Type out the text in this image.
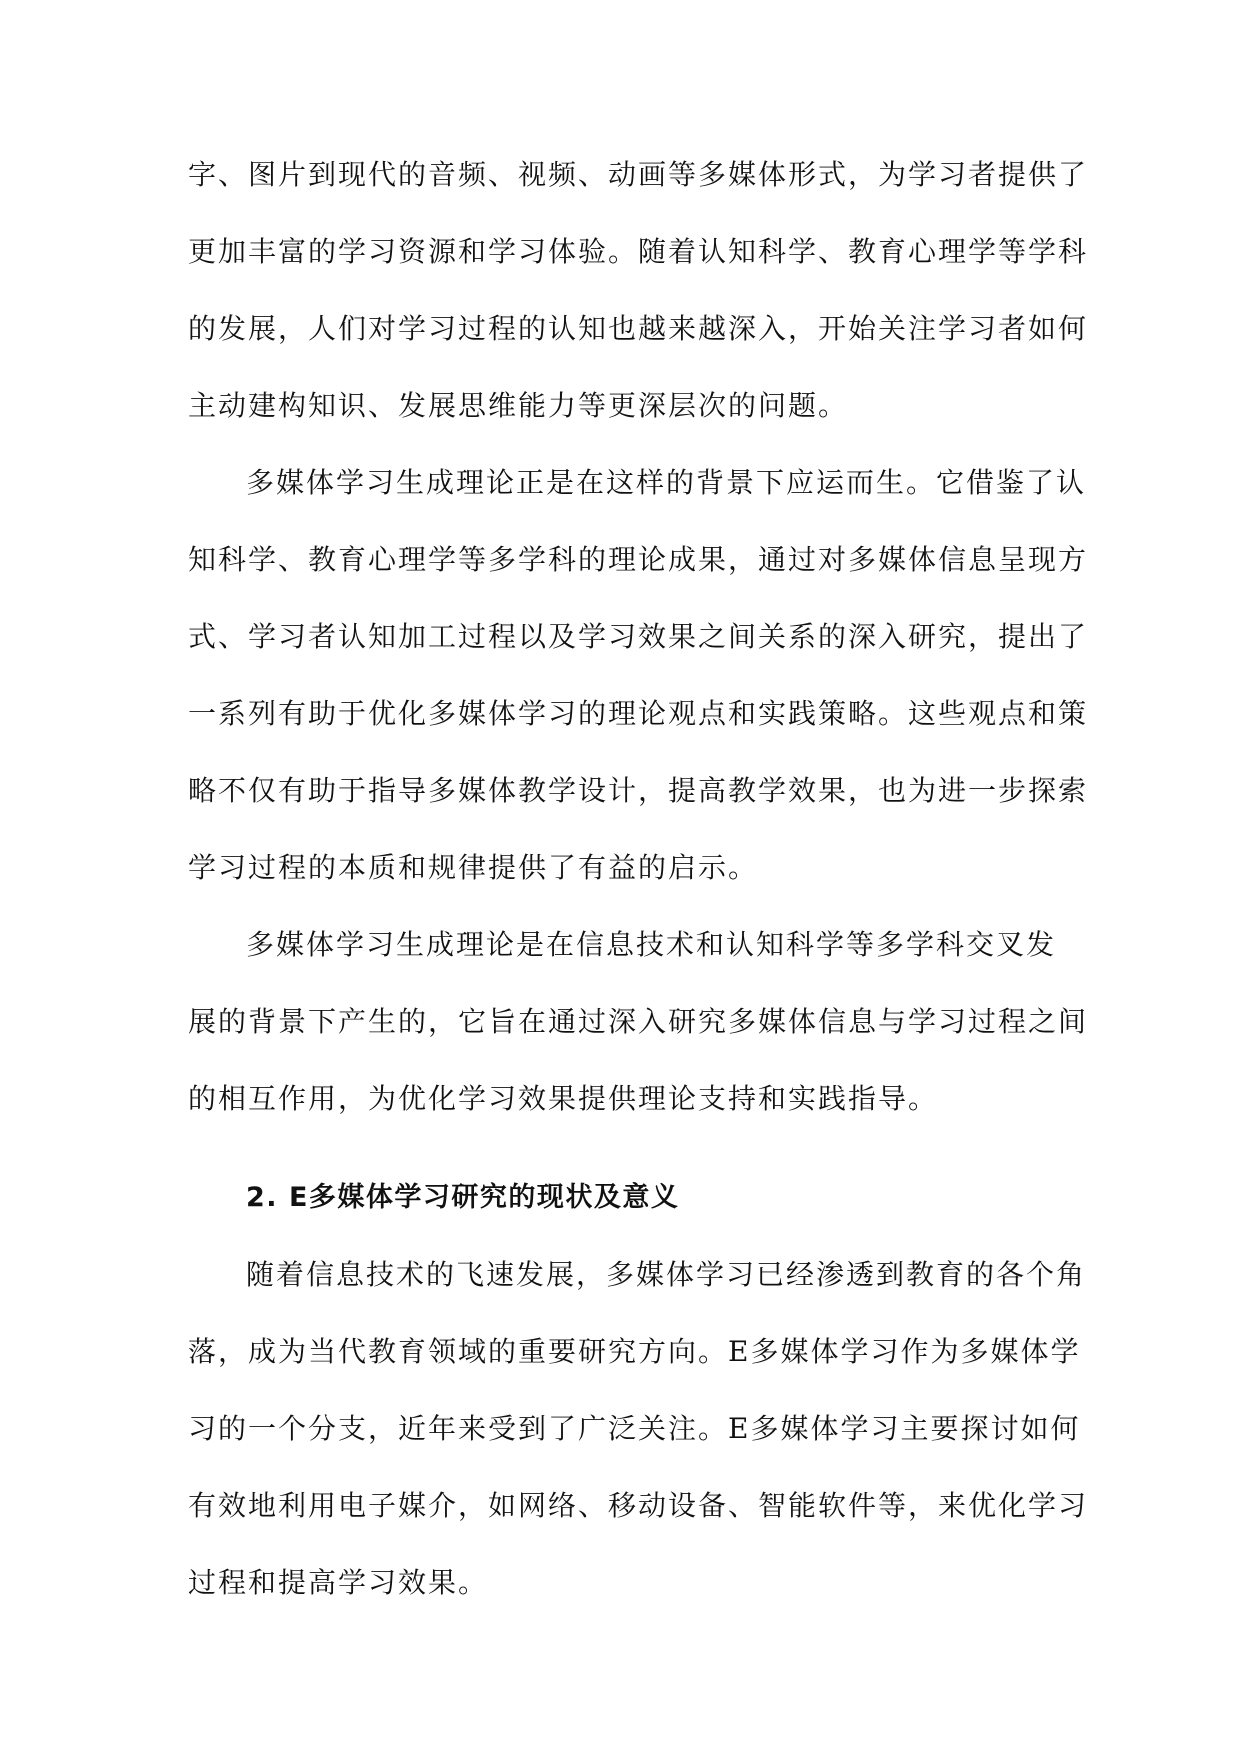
字、图片到现代的音频、视频、动画等多媒体形式，为学习者提供了
更加丰富的学习资源和学习体验。随着认知科学、教育心理学等学科
的发展，人们对学习过程的认知也越来越深入，开始关注学习者如何
主动建构知识、发展思维能力等更深层次的问题。
多媒体学习生成理论正是在这样的背景下应运而生。它借鉴了认
知科学、教育心理学等多学科的理论成果，通过对多媒体信息呈现方
式、学习者认知加工过程以及学习效果之间关系的深入研究，提出了
一系列有助于优化多媒体学习的理论观点和实践策略。这些观点和策
略不仅有助于指导多媒体教学设计，提高教学效果，也为进一步探索
学习过程的本质和规律提供了有益的启示。
多媒体学习生成理论是在信息技术和认知科学等多学科交叉发
展的背景下产生的，它旨在通过深入研究多媒体信息与学习过程之间
的相互作用，为优化学习效果提供理论支持和实践指导。
2. E多媒体学习研究的现状及意义
随着信息技术的飞速发展，多媒体学习已经渗透到教育的各个角
落，成为当代教育领域的重要研究方向。E多媒体学习作为多媒体学
习的一个分支，近年来受到了广泛关注。E多媒体学习主要探讨如何
有效地利用电子媒介，如网络、移动设备、智能软件等，来优化学习
过程和提高学习效果。
